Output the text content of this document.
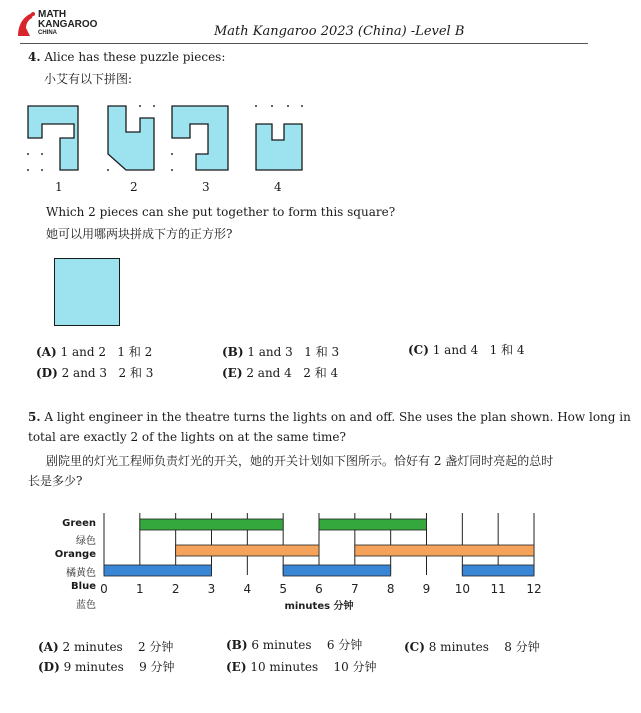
MATH
KANGAROO
CHINA	Math Kangaroo 2023 (China) -Level B
4. Alice has these puzzle pieces:
小艾有以下拼图:
1	2	3	4
Which 2 pieces can she put together to form this square?
她可以用哪两块拼成下方的正方形?
(A) 1 and 2 1 和 2	(B) 1 and 3 1 和 3	(C) 1 and 4 1 和 4
(D) 2 and 3 2 和 3	(E) 2 and 4 2 和 4
5. A light engineer in the theatre turns the lights on and off. She uses the plan shown. How long in
total are exactly 2 of the lights on at the same time?
剧院里的灯光工程师负责灯光的开关，她的开关计划如下图所示。恰好有 2 盏灯同时亮起的总时
长是多少?
Green
绿色
Orange
橘黄色
Blue
蓝色
0 1 2 3 4 5 6 7 8 9 10 11 12
minutes 分钟
(A) 2 minutes 2 分钟	(B) 6 minutes 6 分钟	(C) 8 minutes 8 分钟
(D) 9 minutes 9 分钟	(E) 10 minutes 10 分钟
